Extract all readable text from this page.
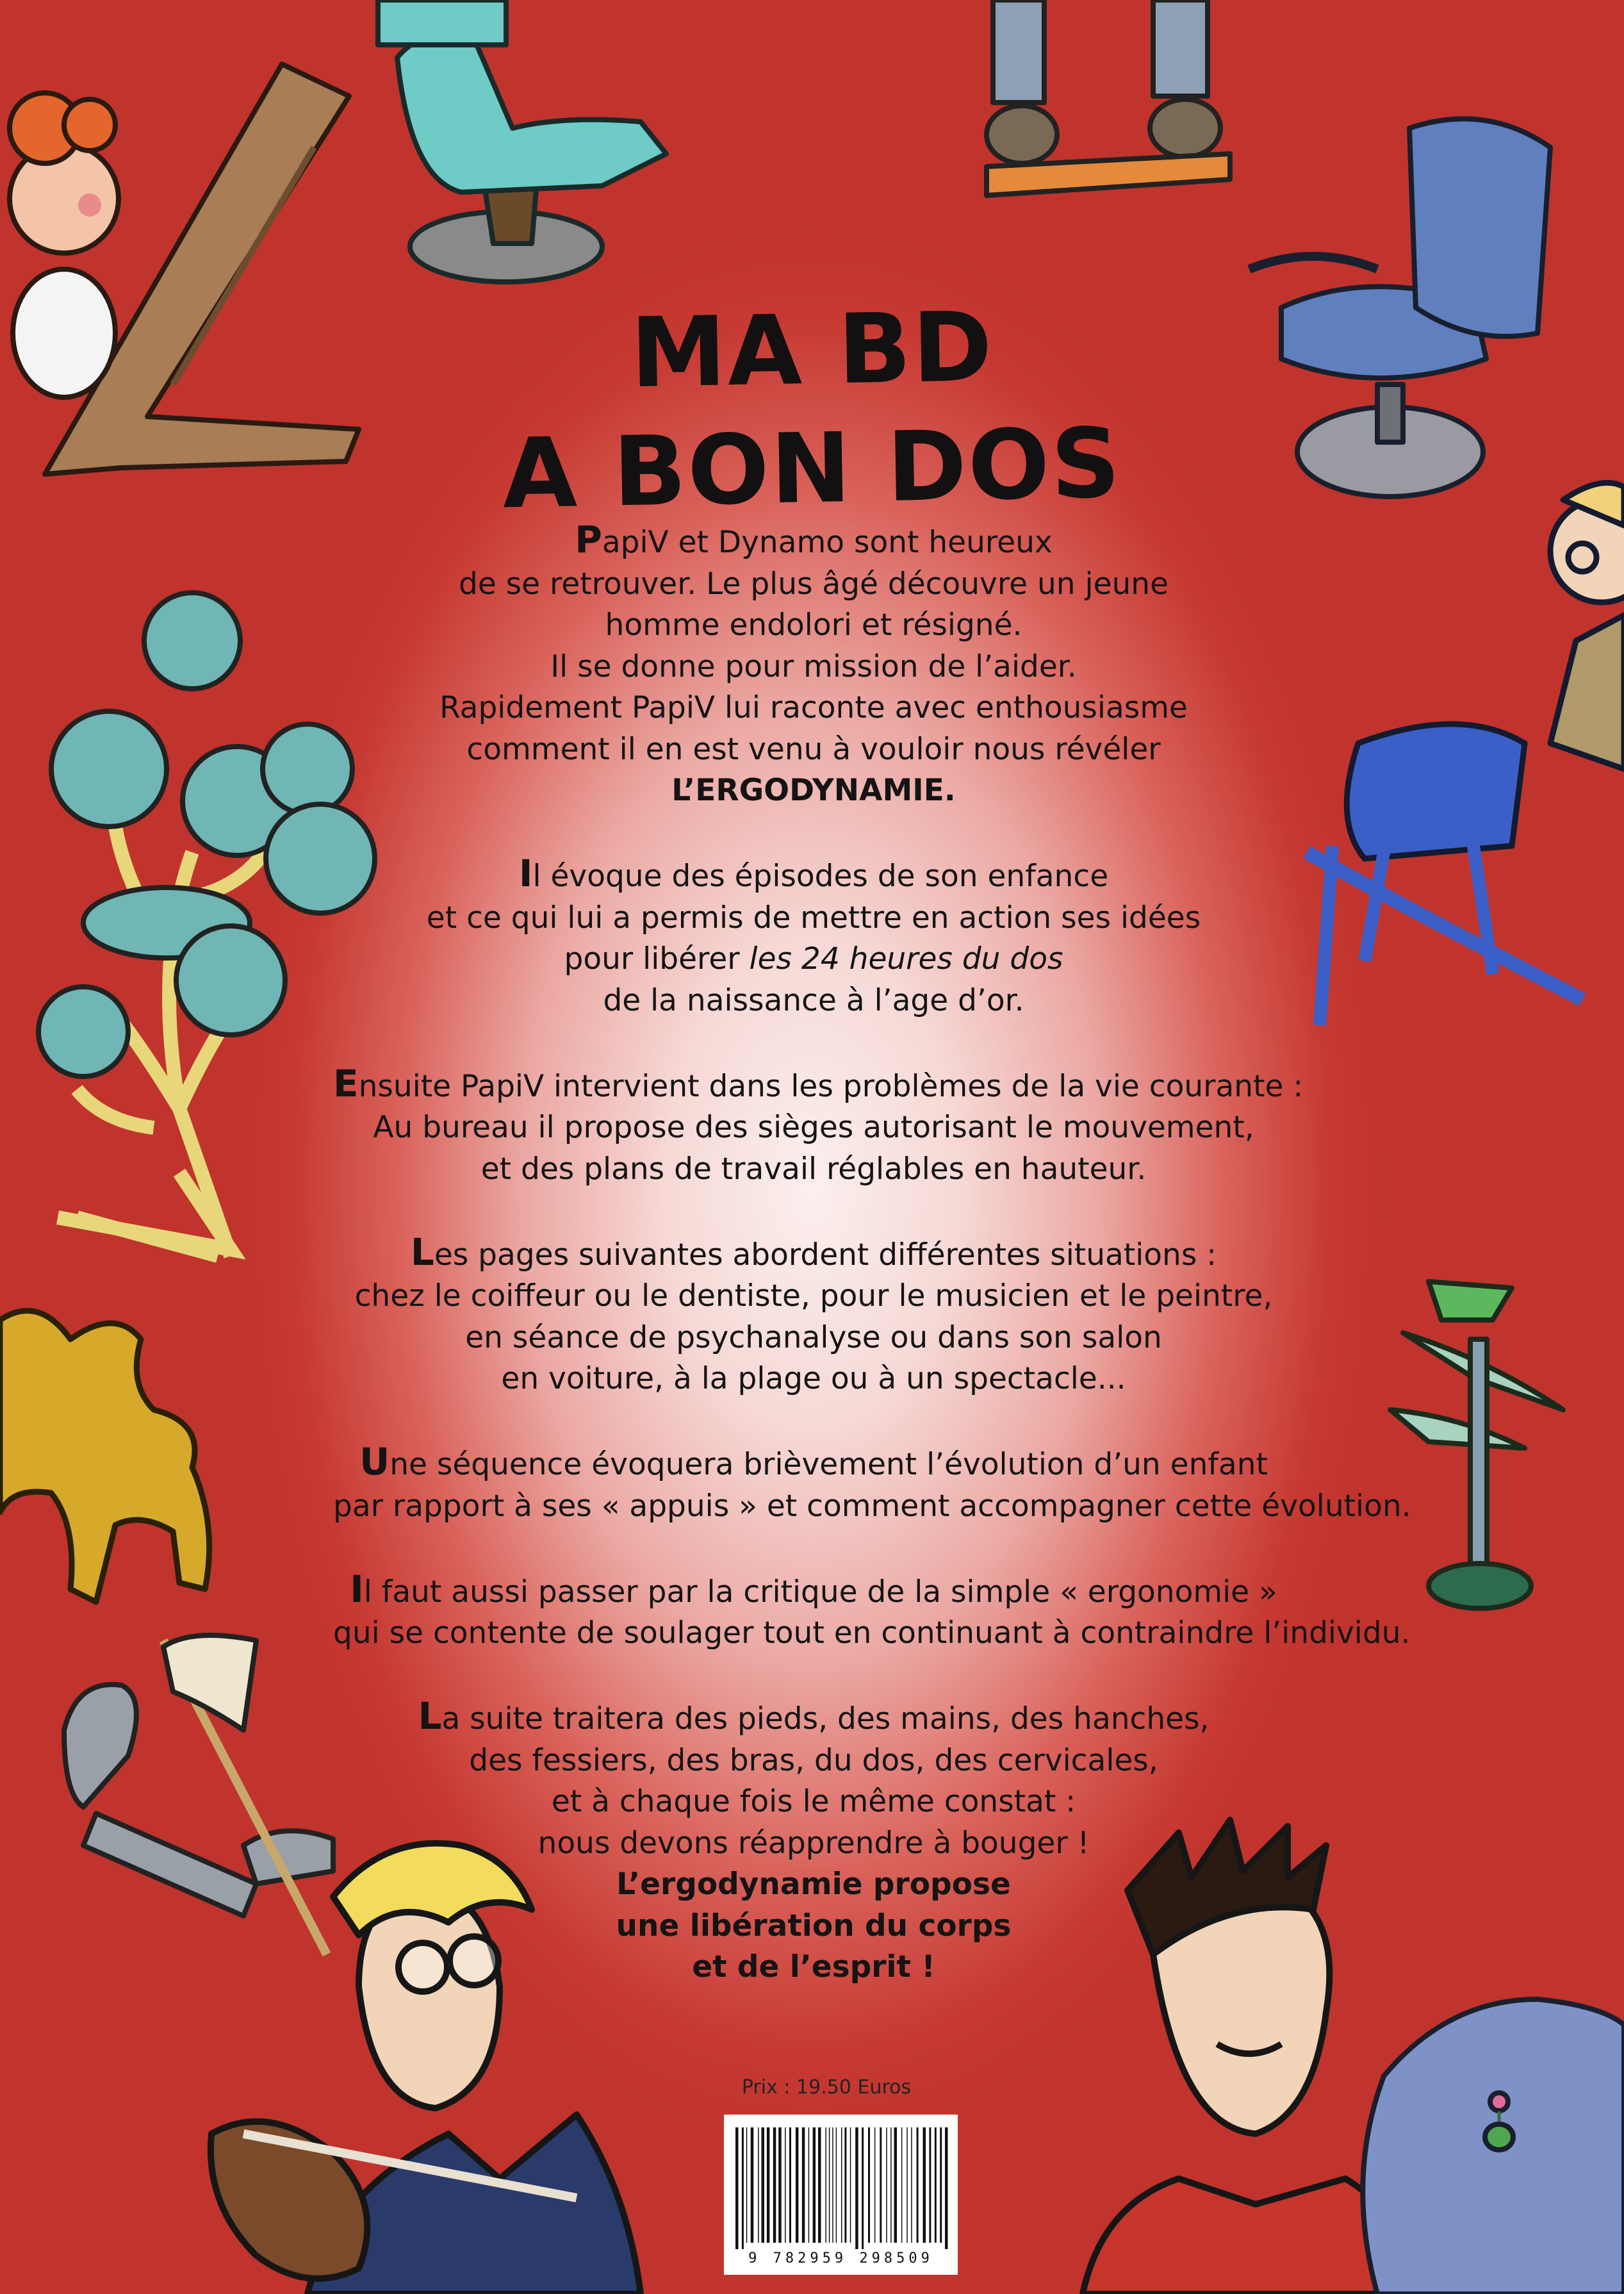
MA BD
A BON DOS
PapiV et Dynamo sont heureux
de se retrouver. Le plus âgé découvre un jeune
homme endolori et résigné.
Il se donne pour mission de l’aider.
Rapidement PapiV lui raconte avec enthousiasme
comment il en est venu à vouloir nous révéler
L’ERGODYNAMIE.
Il évoque des épisodes de son enfance
et ce qui lui a permis de mettre en action ses idées
pour libérer les 24 heures du dos
de la naissance à l’age d’or.
Ensuite PapiV intervient dans les problèmes de la vie courante :
Au bureau il propose des sièges autorisant le mouvement,
et des plans de travail réglables en hauteur.
Les pages suivantes abordent différentes situations :
chez le coiffeur ou le dentiste, pour le musicien et le peintre,
en séance de psychanalyse ou dans son salon
en voiture, à la plage ou à un spectacle...
Une séquence évoquera brièvement l’évolution d’un enfant
par rapport à ses « appuis » et comment accompagner cette évolution.
Il faut aussi passer par la critique de la simple « ergonomie »
qui se contente de soulager tout en continuant à contraindre l’individu.
La suite traitera des pieds, des mains, des hanches,
des fessiers, des bras, du dos, des cervicales,
et à chaque fois le même constat :
nous devons réapprendre à bouger !
L’ergodynamie propose
une libération du corps
et de l’esprit !
Prix : 19.50 Euros
9 782959 298509
